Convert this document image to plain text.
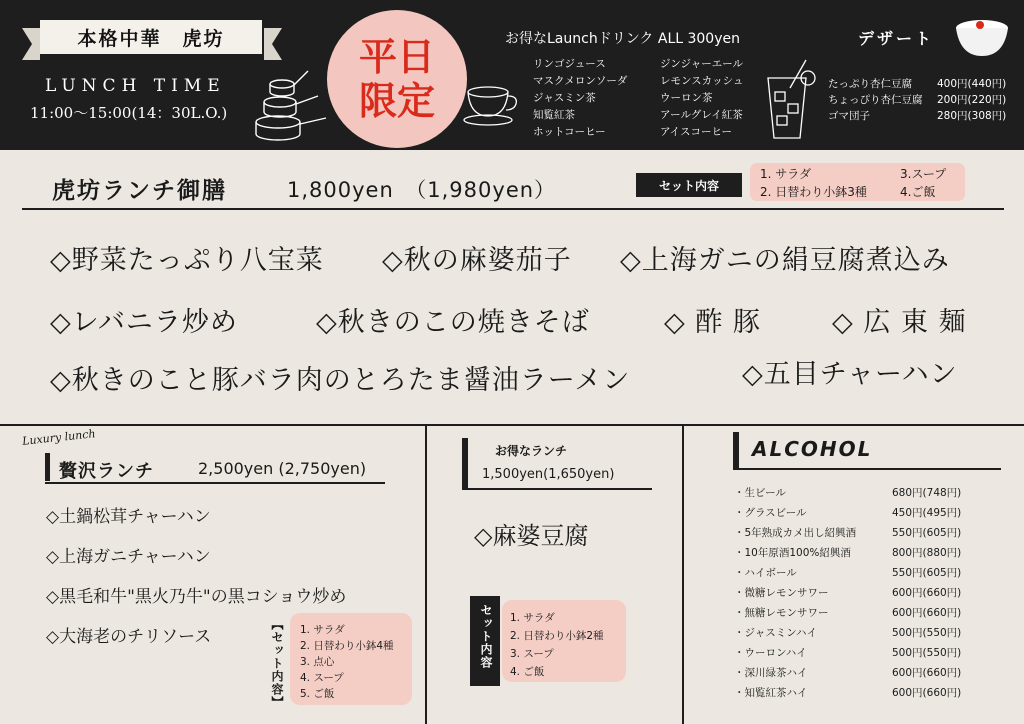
本格中華　虎坊
LUNCH TIME
11:00～15:00(14：30L.O.)
平日限定
お得なLaunchドリンク ALL 300yen
リンゴジュース
マスクメロンソーダ
ジャスミン茶
知覧紅茶
ホットコーヒー
ジンジャーエール
レモンスカッシュ
ウーロン茶
アールグレイ紅茶
アイスコーヒー
デザート
たっぷり杏仁豆腐 400円(440円)
ちょっぴり杏仁豆腐 200円(220円)
ゴマ団子	280円(308円)
虎坊ランチ御膳	1,800yen　（1,980yen）	セット内容
1. サラダ
2. 日替わり小鉢3種
3.スープ
4.ご飯
◇野菜たっぷり八宝菜 ◇秋の麻婆茄子 ◇上海ガニの絹豆腐煮込み
◇レバニラ炒め	◇秋きのこの焼きそば	◇ 酢 豚	◇ 広 東 麺
◇秋きのこと豚バラ肉のとろたま醤油ラーメン	◇五目チャーハン
Luxury lunch
贅沢ランチ	2,500yen (2,750yen)
◇土鍋松茸チャーハン
◇上海ガニチャーハン
◇黒毛和牛"黒火乃牛"の黒コショウ炒め
◇大海老のチリソース	【セット内容】 1. サラダ
2. 日替わり小鉢4種
3. 点心
4. スープ
5. ご飯
お得なランチ
1,500yen(1,650yen)
◇麻婆豆腐
セット内容 1. サラダ
2. 日替わり小鉢2種
3. スープ
4. ご飯
ALCOHOL
・生ビール	680円(748円)
・グラスビール	450円(495円)
・5年熟成カメ出し紹興酒	550円(605円)
・10年原酒100%紹興酒	800円(880円)
・ハイボール	550円(605円)
・微糖レモンサワー	600円(660円)
・無糖レモンサワー	600円(660円)
・ジャスミンハイ	500円(550円)
・ウーロンハイ	500円(550円)
・深川緑茶ハイ	600円(660円)
・知覧紅茶ハイ	600円(660円)
